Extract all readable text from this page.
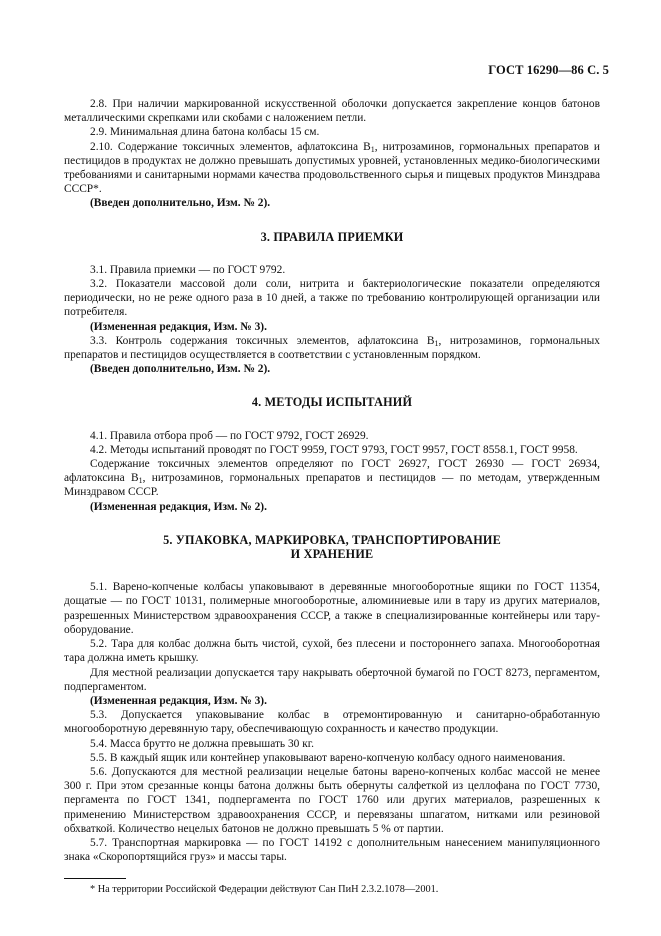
ГОСТ 16290—86 С. 5

2.8. При наличии маркированной искусственной оболочки допускается закрепление концов батонов металлическими скрепками или скобами с наложением петли.

2.9. Минимальная длина батона колбасы 15 см.

2.10. Содержание токсичных элементов, афлатоксина $В_1$, нитрозаминов, гормональных препаратов и пестицидов в продуктах не должно превышать допустимых уровней, установленных медико-биологическими требованиями и санитарными нормами качества продовольственного сырья и пищевых продуктов Минздрава СССР*.

(Введен дополнительно, Изм. № 2).

3. ПРАВИЛА ПРИЕМКИ

3.1. Правила приемки — по ГОСТ 9792.

3.2. Показатели массовой доли соли, нитрита и бактериологические показатели определяются периодически, но не реже одного раза в 10 дней, а также по требованию контролирующей организации или потребителя.

(Измененная редакция, Изм. № 3).

3.3. Контроль содержания токсичных элементов, афлатоксина $В_1$, нитрозаминов, гормональных препаратов и пестицидов осуществляется в соответствии с установленным порядком.

(Введен дополнительно, Изм. № 2).

4. МЕТОДЫ ИСПЫТАНИЙ

4.1. Правила отбора проб — по ГОСТ 9792, ГОСТ 26929.

4.2. Методы испытаний проводят по ГОСТ 9959, ГОСТ 9793, ГОСТ 9957, ГОСТ 8558.1, ГОСТ 9958.

Содержание токсичных элементов определяют по ГОСТ 26927, ГОСТ 26930 — ГОСТ 26934, афлатоксина $В_1$, нитрозаминов, гормональных препаратов и пестицидов — по методам, утвержденным Минздравом СССР.

(Измененная редакция, Изм. № 2).

5. УПАКОВКА, МАРКИРОВКА, ТРАНСПОРТИРОВАНИЕ
И ХРАНЕНИЕ

5.1. Варено-копченые колбасы упаковывают в деревянные многооборотные ящики по ГОСТ 11354, дощатые — по ГОСТ 10131, полимерные многооборотные, алюминиевые или в тару из других материалов, разрешенных Министерством здравоохранения СССР, а также в специализированные контейнеры или тару-оборудование.

5.2. Тара для колбас должна быть чистой, сухой, без плесени и постороннего запаха. Многооборотная тара должна иметь крышку.

Для местной реализации допускается тару накрывать оберточной бумагой по ГОСТ 8273, пергаментом, подпергаментом.

(Измененная редакция, Изм. № 3).

5.3. Допускается упаковывание колбас в отремонтированную и санитарно-обработанную многооборотную деревянную тару, обеспечивающую сохранность и качество продукции.

5.4. Масса брутто не должна превышать 30 кг.

5.5. В каждый ящик или контейнер упаковывают варено-копченую колбасу одного наименования.

5.6. Допускаются для местной реализации нецелые батоны варено-копченых колбас массой не менее 300 г. При этом срезанные концы батона должны быть обернуты салфеткой из целлофана по ГОСТ 7730, пергамента по ГОСТ 1341, подпергамента по ГОСТ 1760 или других материалов, разрешенных к применению Министерством здравоохранения СССР, и перевязаны шпагатом, нитками или резиновой обхваткой. Количество нецелых батонов не должно превышать 5 % от партии.

5.7. Транспортная маркировка — по ГОСТ 14192 с дополнительным нанесением манипуляционного знака «Скоропортящийся груз» и массы тары.

* На территории Российской Федерации действуют Сан ПиН 2.3.2.1078—2001.
